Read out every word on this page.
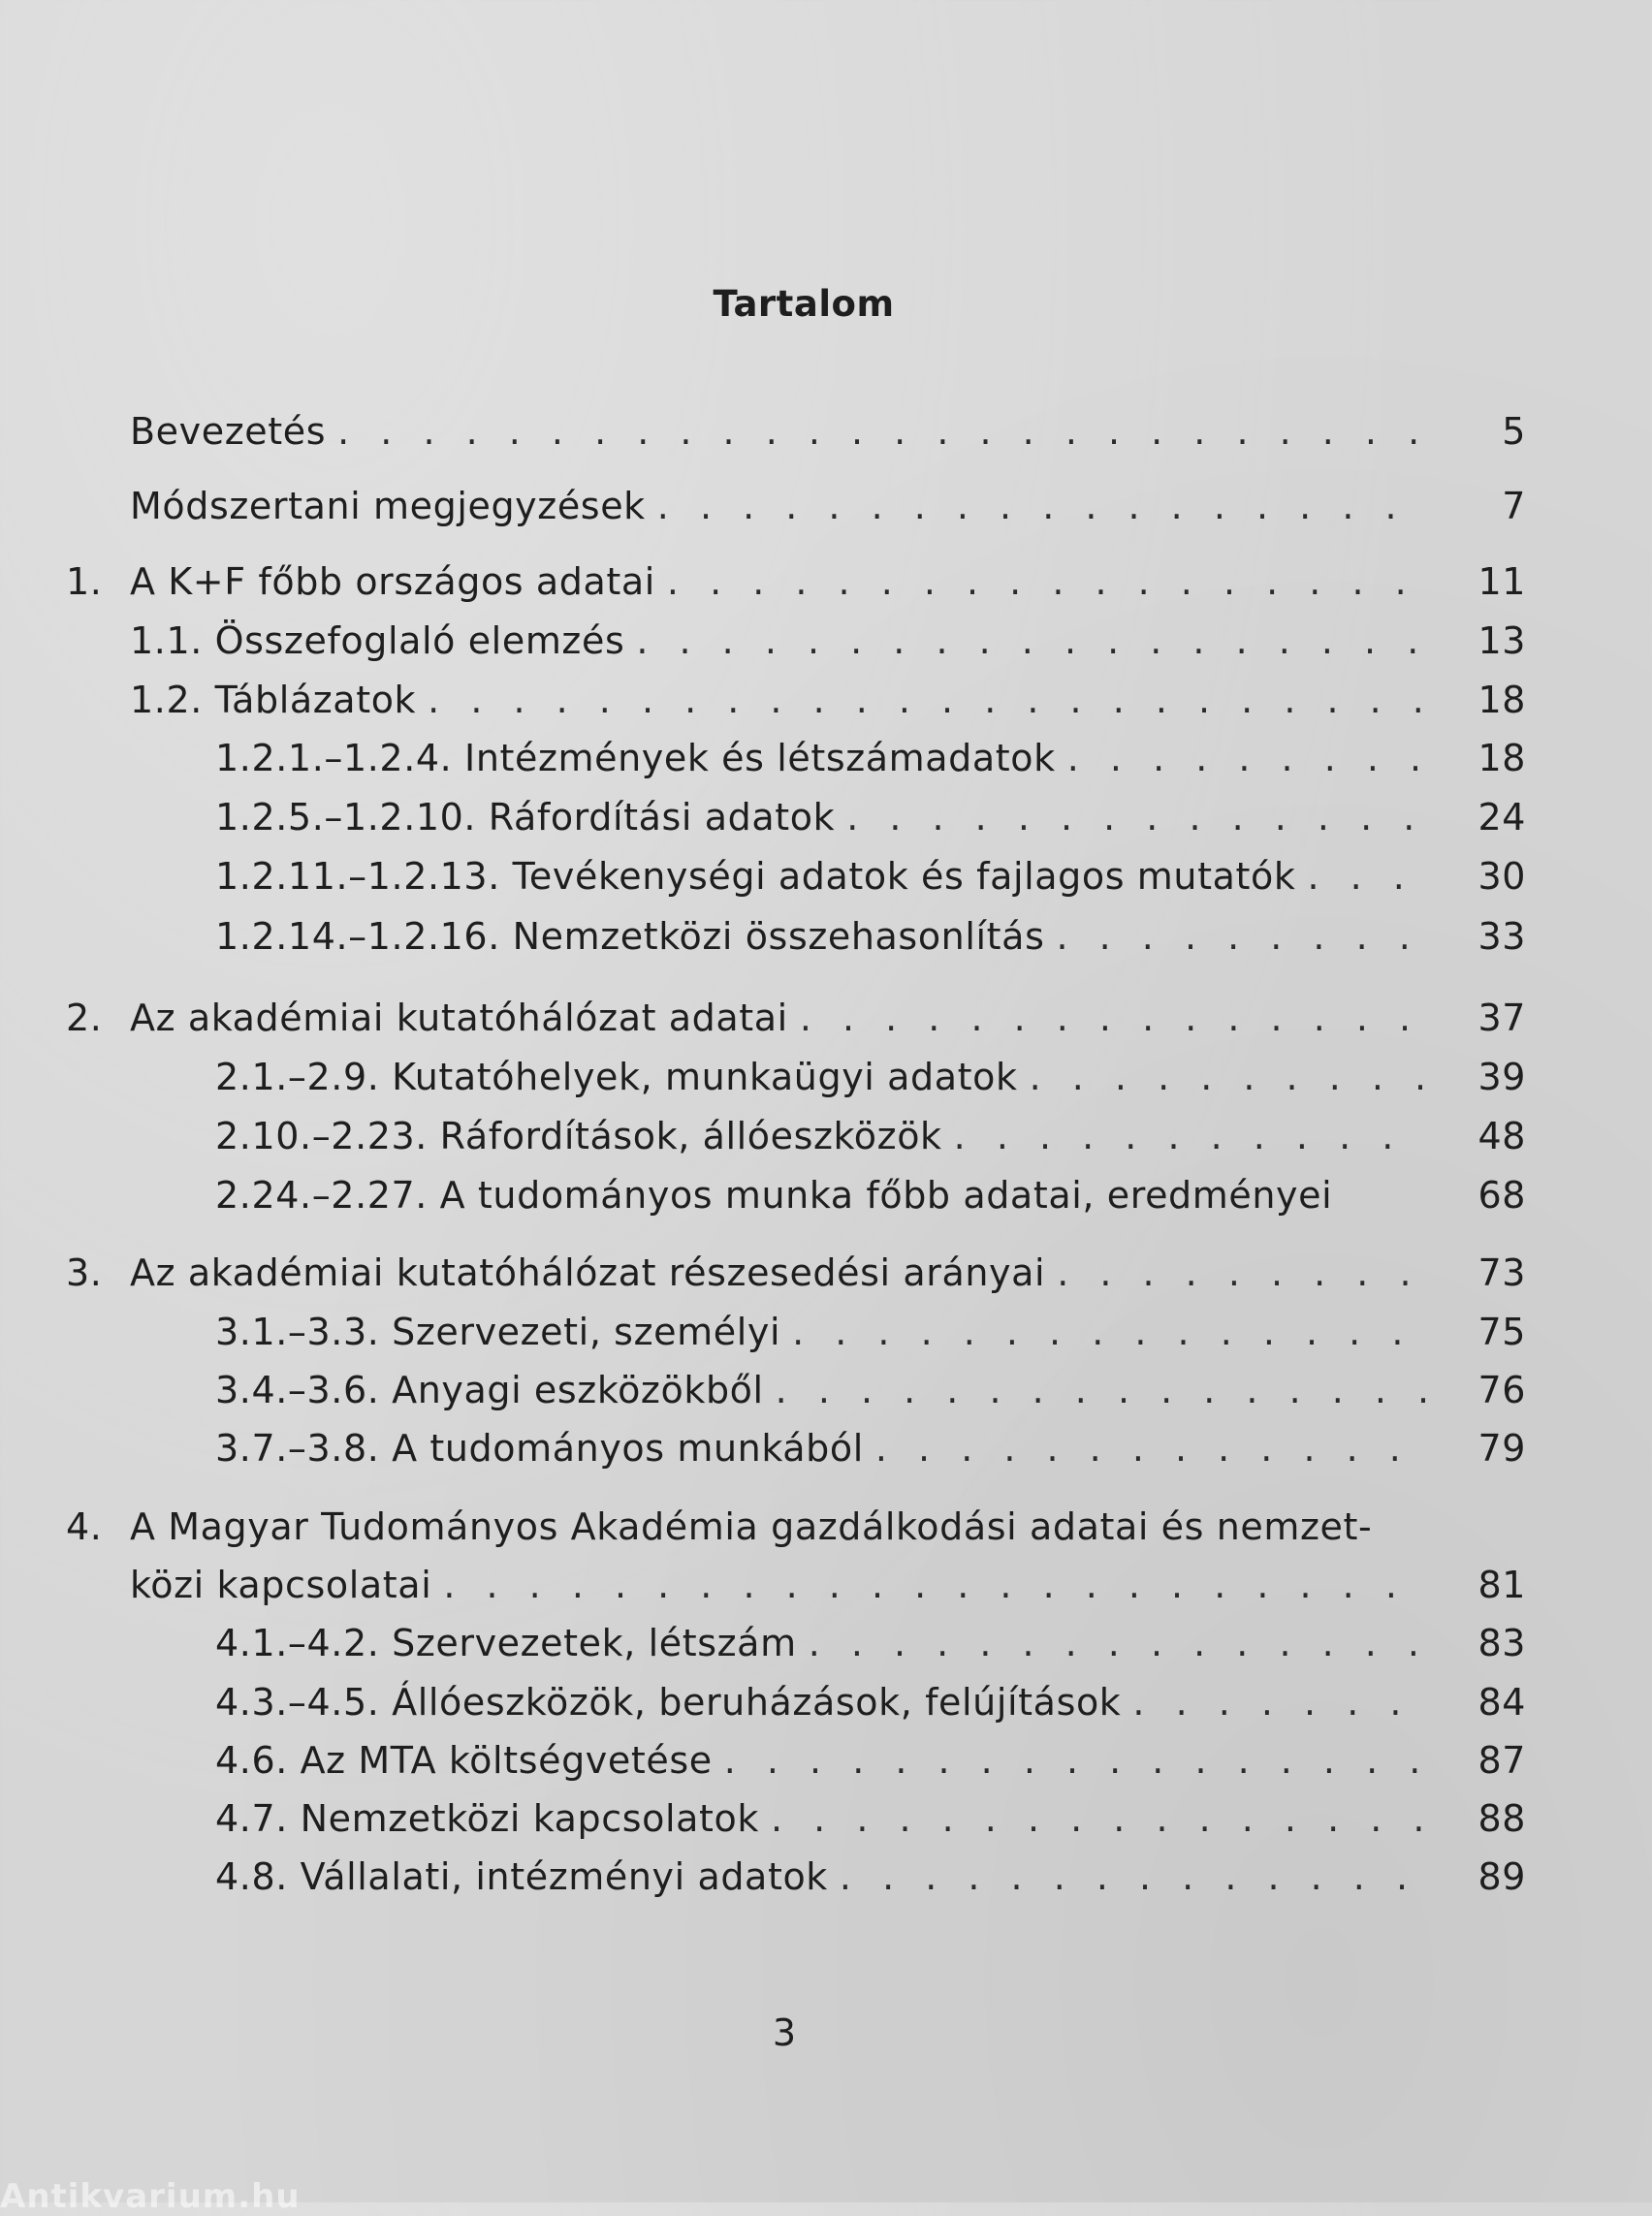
Tartalom
Bevezetés . . .	5
Módszertani megjegyzések . . .	7
1. A K+F főbb országos adatai . . .	11
1.1. Összefoglaló elemzés . . .	13
1.2. Táblázatok . . .	18
1.2.1.–1.2.4. Intézmények és létszámadatok . . .	18
1.2.5.–1.2.10. Ráfordítási adatok . . .	24
1.2.11.–1.2.13. Tevékenységi adatok és fajlagos mutatók . . .	30
1.2.14.–1.2.16. Nemzetközi összehasonlítás . . .	33
2. Az akadémiai kutatóhálózat adatai . . .	37
2.1.–2.9. Kutatóhelyek, munkaügyi adatok . . .	39
2.10.–2.23. Ráfordítások, állóeszközök . . .	48
2.24.–2.27. A tudományos munka főbb adatai, eredményei	68
3. Az akadémiai kutatóhálózat részesedési arányai . . .	73
3.1.–3.3. Szervezeti, személyi . . .	75
3.4.–3.6. Anyagi eszközökből . . .	76
3.7.–3.8. A tudományos munkából . . .	79
4. A Magyar Tudományos Akadémia gazdálkodási adatai és nemzet-
közi kapcsolatai . . .	81
4.1.–4.2. Szervezetek, létszám . . .	83
4.3.–4.5. Állóeszközök, beruházások, felújítások . . .	84
4.6. Az MTA költségvetése . . .	87
4.7. Nemzetközi kapcsolatok . . .	88
4.8. Vállalati, intézményi adatok . . .	89
3
Antikvarium.hu
